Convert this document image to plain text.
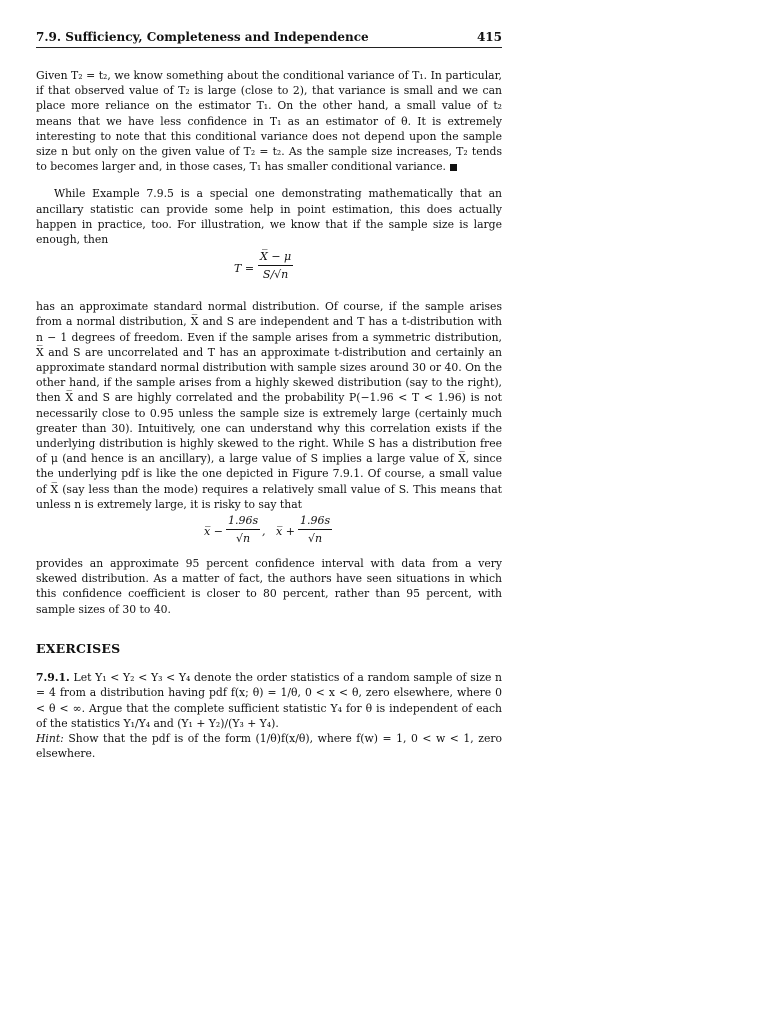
7.9. Sufficiency, Completeness and Independence	415

Given T₂ = t₂, we know something about the conditional variance of T₁. In particular, if that observed value of T₂ is large (close to 2), that variance is small and we can place more reliance on the estimator T₁. On the other hand, a small value of t₂ means that we have less confidence in T₁ as an estimator of θ. It is extremely interesting to note that this conditional variance does not depend upon the sample size n but only on the given value of T₂ = t₂. As the sample size increases, T₂ tends to becomes larger and, in those cases, T₁ has smaller conditional variance.

While Example 7.9.5 is a special one demonstrating mathematically that an ancillary statistic can provide some help in point estimation, this does actually happen in practice, too. For illustration, we know that if the sample size is large enough, then

$T = \frac{X̅ - \mu}{S/√n}$

has an approximate standard normal distribution. Of course, if the sample arises from a normal distribution, X̅ and S are independent and T has a t-distribution with n − 1 degrees of freedom. Even if the sample arises from a symmetric distribution, X̅ and S are uncorrelated and T has an approximate t-distribution and certainly an approximate standard normal distribution with sample sizes around 30 or 40. On the other hand, if the sample arises from a highly skewed distribution (say to the right), then X̅ and S are highly correlated and the probability P(−1.96 < T < 1.96) is not necessarily close to 0.95 unless the sample size is extremely large (certainly much greater than 30). Intuitively, one can understand why this correlation exists if the underlying distribution is highly skewed to the right. While S has a distribution free of μ (and hence is an ancillary), a large value of S implies a large value of X̅, since the underlying pdf is like the one depicted in Figure 7.9.1. Of course, a small value of X̅ (say less than the mode) requires a relatively small value of S. This means that unless n is extremely large, it is risky to say that

x̅ − $\frac{1.96s}{√n}$ , x̅ + $\frac{1.96s}{√n}$

provides an approximate 95 percent confidence interval with data from a very skewed distribution. As a matter of fact, the authors have seen situations in which this confidence coefficient is closer to 80 percent, rather than 95 percent, with sample sizes of 30 to 40.

EXERCISES

7.9.1. Let Y₁ < Y₂ < Y₃ < Y₄ denote the order statistics of a random sample of size n = 4 from a distribution having pdf f(x; θ) = 1/θ, 0 < x < θ, zero elsewhere, where 0 < θ < ∞. Argue that the complete sufficient statistic Y₄ for θ is independent of each of the statistics Y₁/Y₄ and (Y₁ + Y₂)/(Y₃ + Y₄).
Hint: Show that the pdf is of the form (1/θ)f(x/θ), where f(w) = 1, 0 < w < 1, zero elsewhere.
